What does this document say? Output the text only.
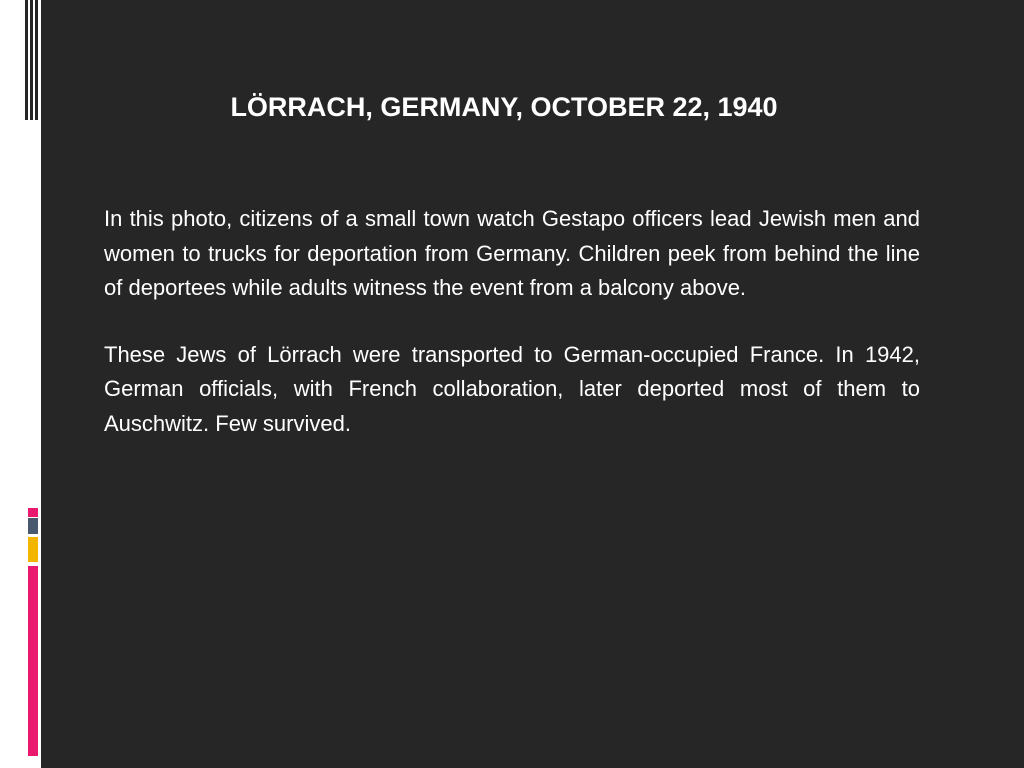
LÖRRACH, GERMANY, OCTOBER 22, 1940

In this photo, citizens of a small town watch Gestapo officers lead Jewish men and women to trucks for deportation from Germany. Children peek from behind the line of deportees while adults witness the event from a balcony above.

These Jews of Lörrach were transported to German-occupied France. In 1942, German officials, with French collaboration, later deported most of them to Auschwitz. Few survived.
